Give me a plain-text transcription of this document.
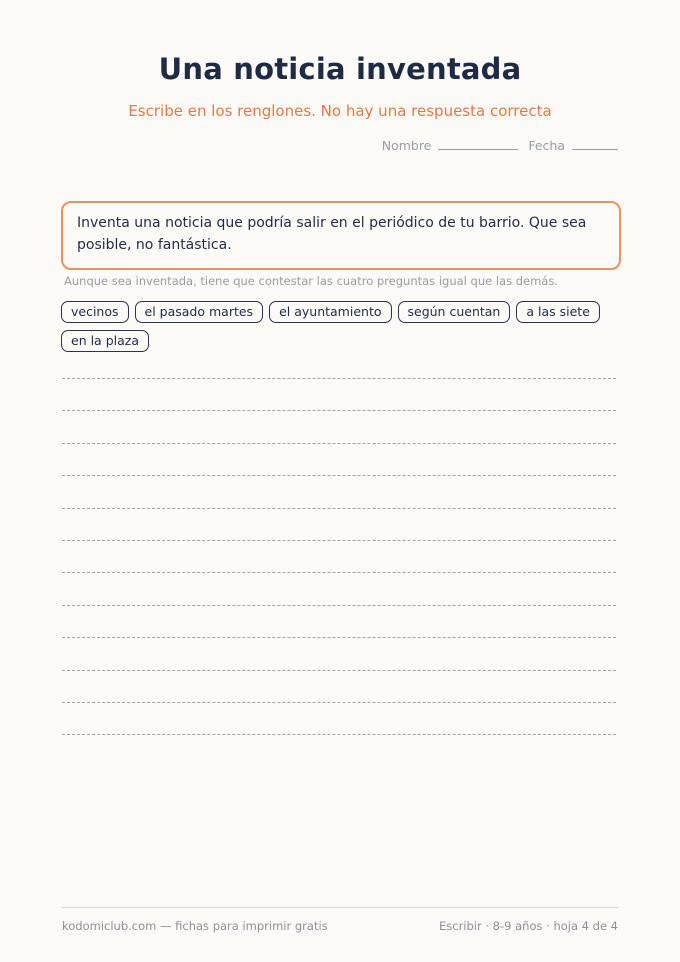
Una noticia inventada
Escribe en los renglones. No hay una respuesta correcta
Nombre	Fecha
Inventa una noticia que podría salir en el periódico de tu barrio. Que sea posible, no fantástica.
Aunque sea inventada, tiene que contestar las cuatro preguntas igual que las demás.
vecinos	el pasado martes	el ayuntamiento	según cuentan	a las siete
en la plaza
kodomiclub.com — fichas para imprimir gratis	Escribir · 8-9 años · hoja 4 de 4
